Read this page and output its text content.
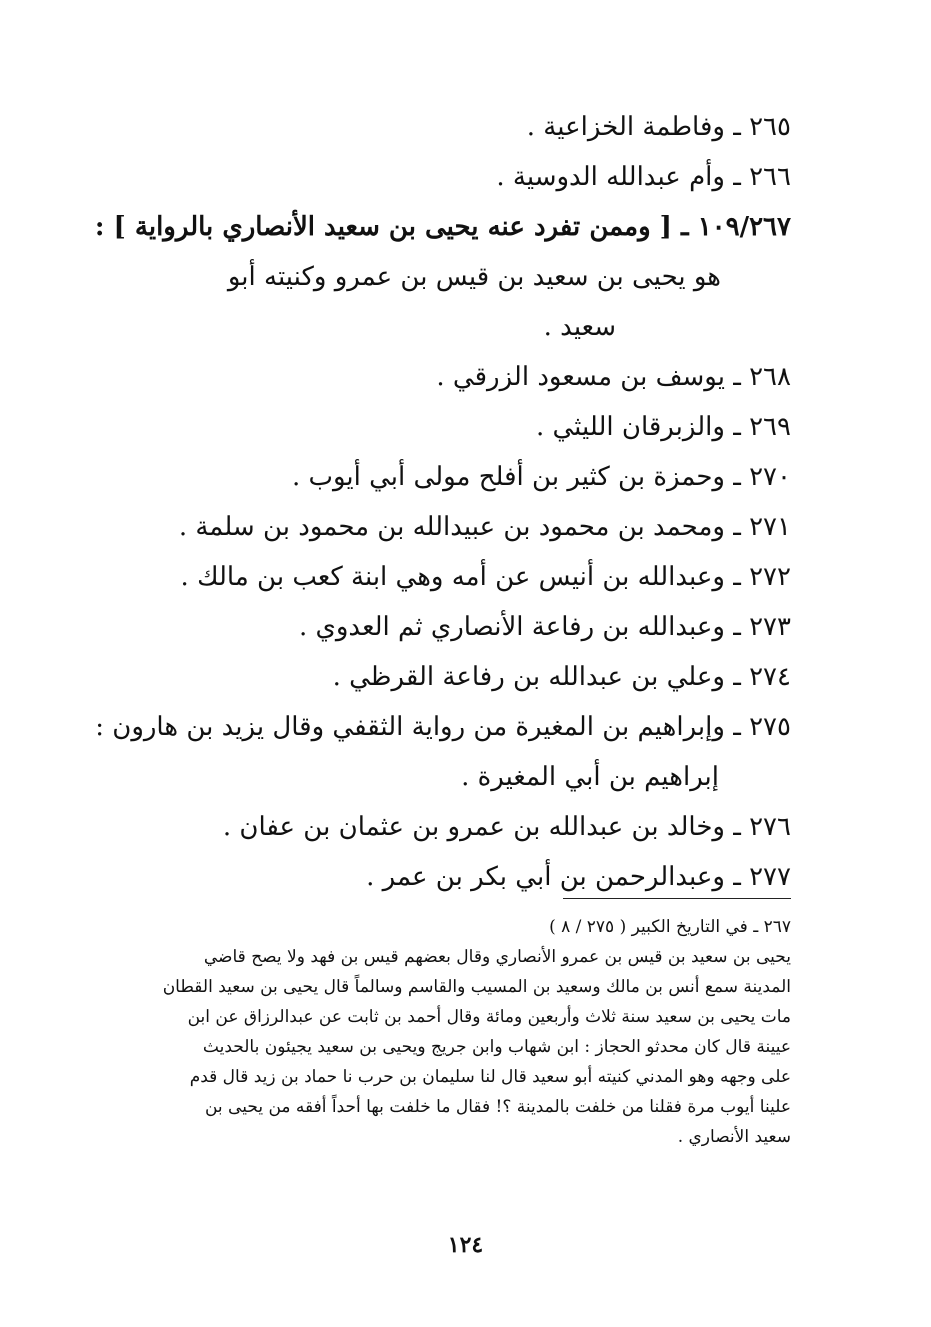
٢٦٥ ـ وفاطمة الخزاعية .
٢٦٦ ـ وأم عبدالله الدوسية .
١٠٩/٢٦٧ ـ [ وممن تفرد عنه يحيى بن سعيد الأنصاري بالرواية ] :
هو يحيى بن سعيد بن قيس بن عمرو وكنيته أبو
سعيد .
٢٦٨ ـ يوسف بن مسعود الزرقي .
٢٦٩ ـ والزبرقان الليثي .
٢٧٠ ـ وحمزة بن كثير بن أفلح مولى أبي أيوب .
٢٧١ ـ ومحمد بن محمود بن عبيدالله بن محمود بن سلمة .
٢٧٢ ـ وعبدالله بن أنيس عن أمه وهي ابنة كعب بن مالك .
٢٧٣ ـ وعبدالله بن رفاعة الأنصاري ثم العدوي .
٢٧٤ ـ وعلي بن عبدالله بن رفاعة القرظي .
٢٧٥ ـ وإبراهيم بن المغيرة من رواية الثقفي وقال يزيد بن هارون :
إبراهيم بن أبي المغيرة .
٢٧٦ ـ وخالد بن عبدالله بن عمرو بن عثمان بن عفان .
٢٧٧ ـ وعبدالرحمن بن أبي بكر بن عمر .
٢٦٧ ـ في التاريخ الكبير ( ٢٧٥ / ٨ )
يحيى بن سعيد بن قيس بن عمرو الأنصاري وقال بعضهم قيس بن فهد ولا يصح قاضي
المدينة سمع أنس بن مالك وسعيد بن المسيب والقاسم وسالماً قال يحيى بن سعيد القطان
مات يحيى بن سعيد سنة ثلاث وأربعين ومائة وقال أحمد بن ثابت عن عبدالرزاق عن ابن
عيينة قال كان محدثو الحجاز : ابن شهاب وابن جريج ويحيى بن سعيد يجيئون بالحديث
على وجهه وهو المدني كنيته أبو سعيد قال لنا سليمان بن حرب نا حماد بن زيد قال قدم
علينا أيوب مرة فقلنا من خلفت بالمدينة ؟! فقال ما خلفت بها أحداً أفقه من يحيى بن
سعيد الأنصاري .
١٢٤
